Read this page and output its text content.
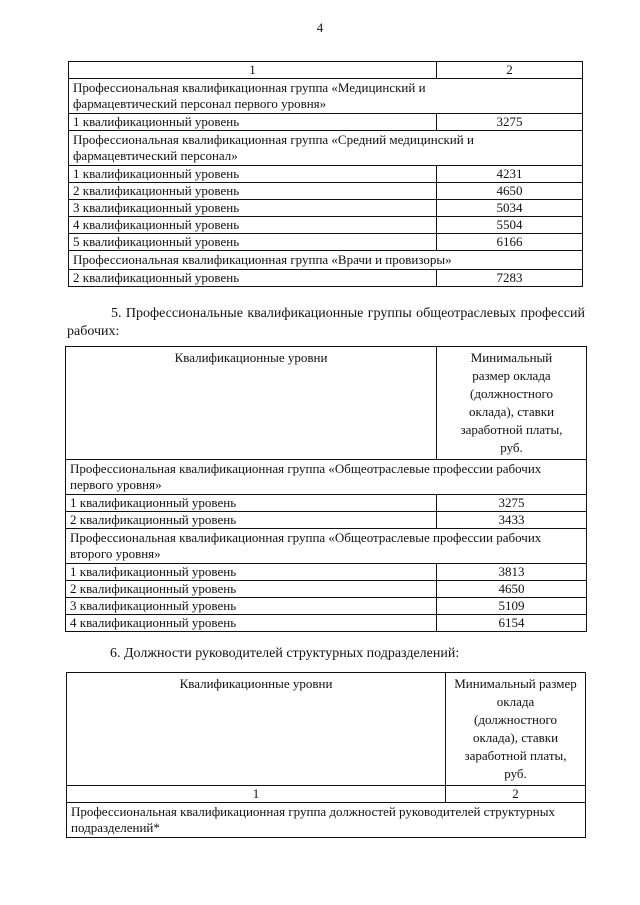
4
1	2
Профессиональная квалификационная группа «Медицинский и фармацевтический персонал первого уровня»	
1 квалификационный уровень	3275
Профессиональная квалификационная группа «Средний медицинский и фармацевтический персонал»	
1 квалификационный уровень	4231
2 квалификационный уровень	4650
3 квалификационный уровень	5034
4 квалификационный уровень	5504
5 квалификационный уровень	6166
Профессиональная квалификационная группа «Врачи и провизоры»	
2 квалификационный уровень	7283
5. Профессиональные квалификационные группы общеотраслевых профессий рабочих:
Квалификационные уровни	Минимальный размер оклада (должностного оклада), ставки заработной платы, руб.
Профессиональная квалификационная группа «Общеотраслевые профессии рабочих первого уровня»	
1 квалификационный уровень	3275
2 квалификационный уровень	3433
Профессиональная квалификационная группа «Общеотраслевые профессии рабочих второго уровня»	
1 квалификационный уровень	3813
2 квалификационный уровень	4650
3 квалификационный уровень	5109
4 квалификационный уровень	6154
6. Должности руководителей структурных подразделений:
Квалификационные уровни	Минимальный размер оклада (должностного оклада), ставки заработной платы, руб.
1	2
Профессиональная квалификационная группа должностей руководителей структурных подразделений*	
